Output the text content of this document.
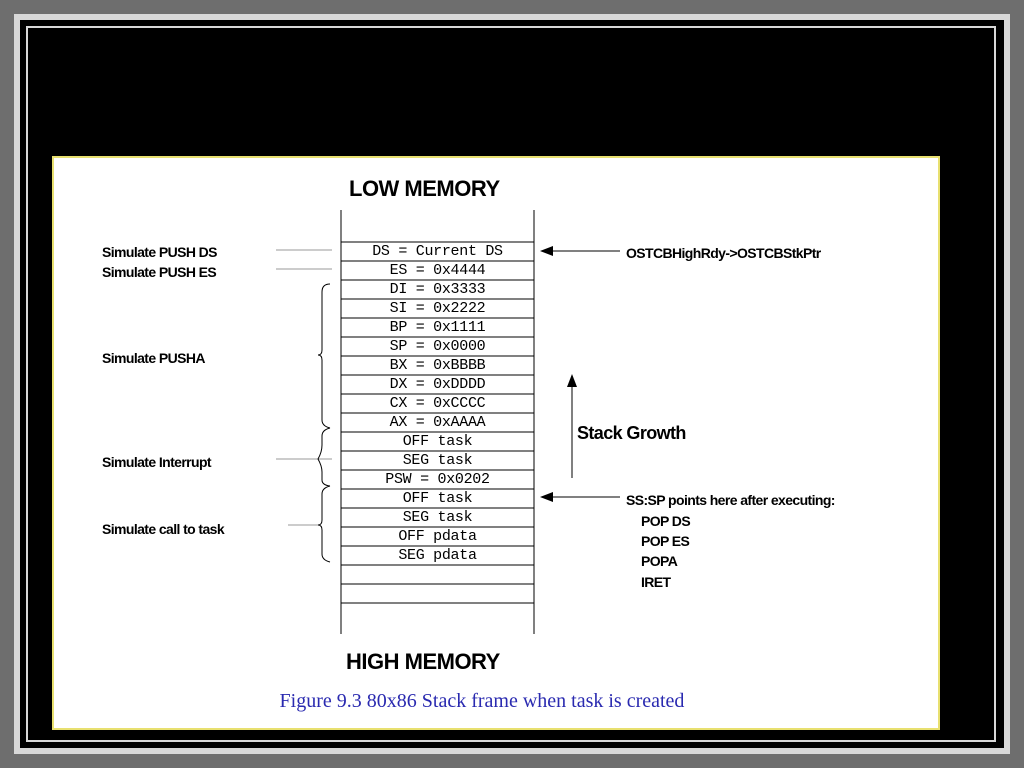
LOW MEMORY
HIGH MEMORY
DS = Current DS
ES = 0x4444
DI = 0x3333
SI = 0x2222
BP = 0x1111
SP = 0x0000
BX = 0xBBBB
DX = 0xDDDD
CX = 0xCCCC
AX = 0xAAAA
OFF task
SEG task
PSW = 0x0202
OFF task
SEG task
OFF pdata
SEG pdata
Simulate PUSH DS
Simulate PUSH ES
Simulate PUSHA
Simulate Interrupt
Simulate call to task
OSTCBHighRdy->OSTCBStkPtr
Stack Growth
SS:SP points here after executing:
POP DS
POP ES
POPA
IRET
Figure 9.3 80x86 Stack frame when task is created
